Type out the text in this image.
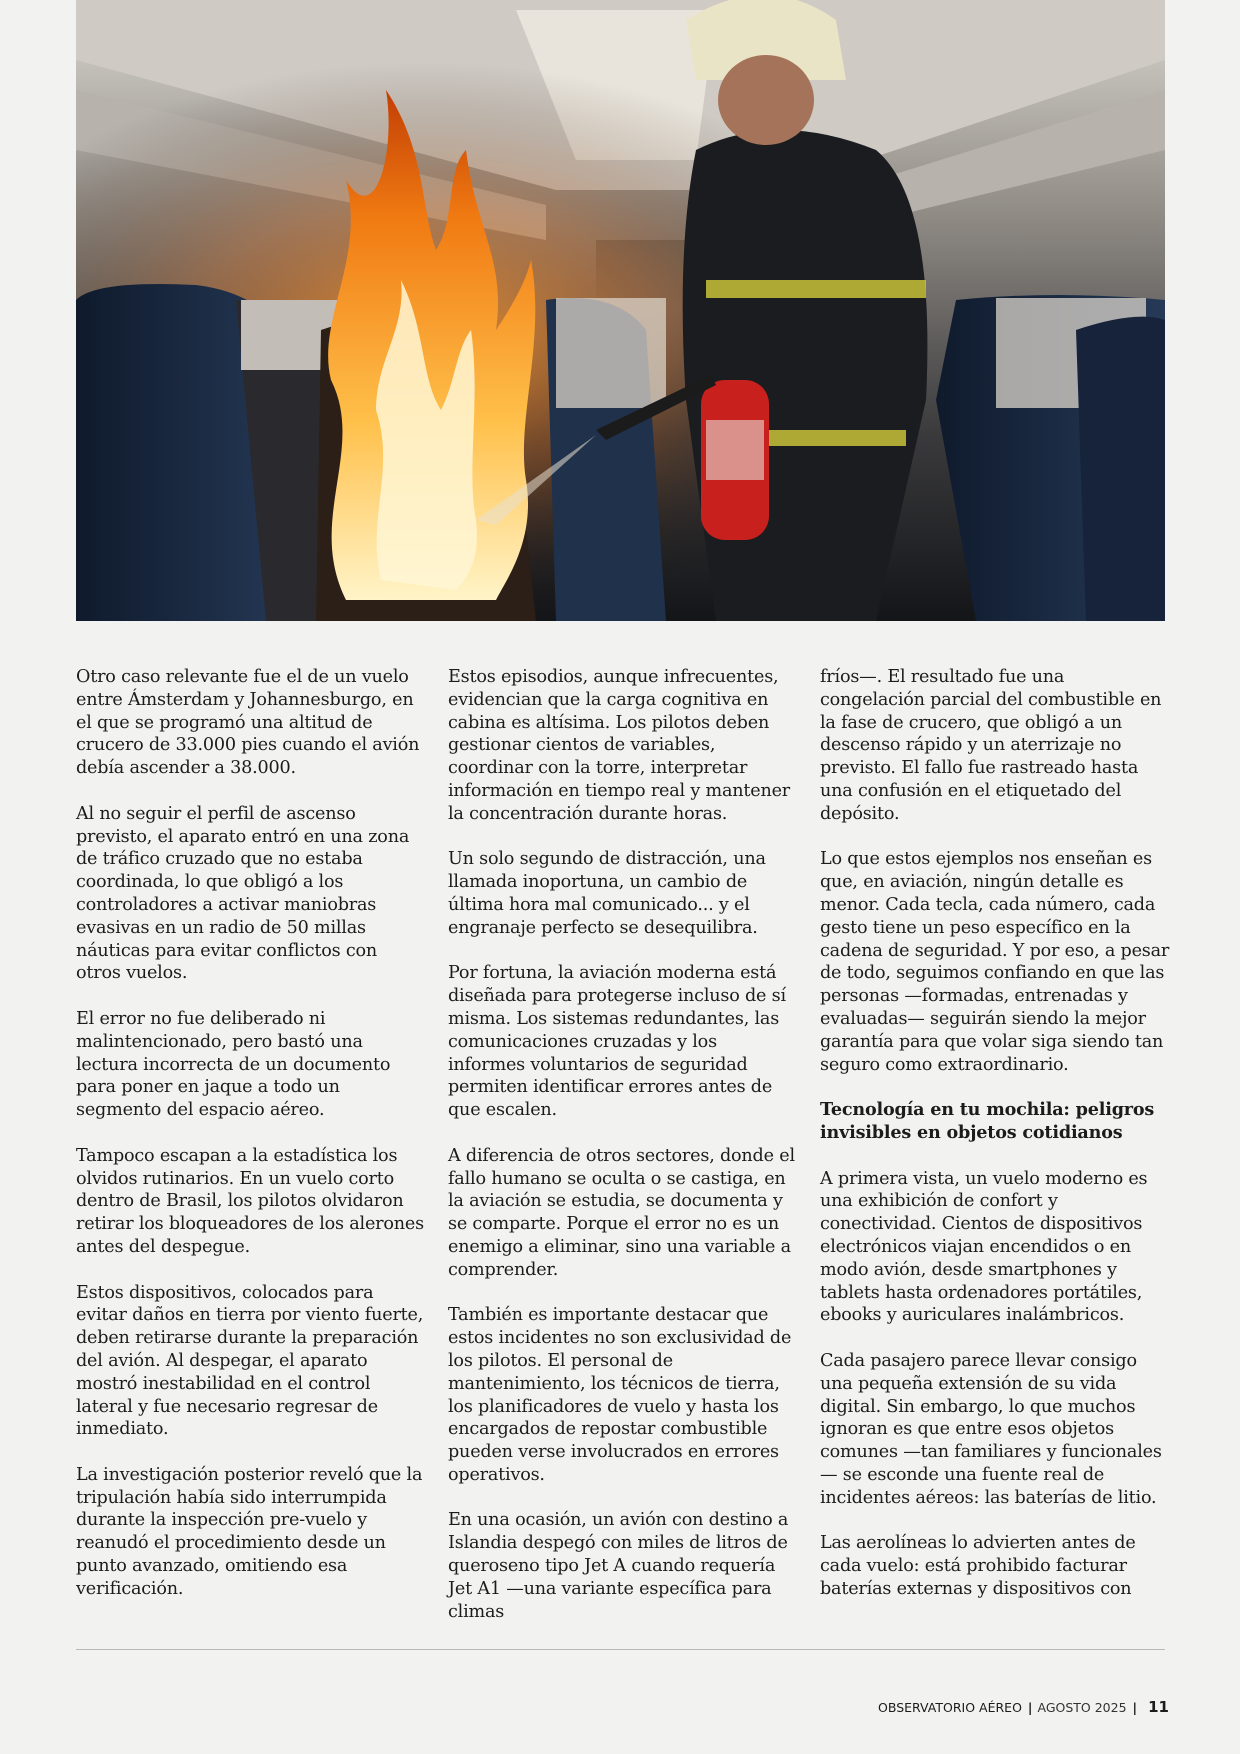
Otro caso relevante fue el de un vuelo entre Ámsterdam y Johannesburgo, en el que se programó una altitud de crucero de 33.000 pies cuando el avión debía ascender a 38.000.

Al no seguir el perfil de ascenso previsto, el aparato entró en una zona de tráfico cruzado que no estaba coordinada, lo que obligó a los controladores a activar maniobras evasivas en un radio de 50 millas náuticas para evitar conflictos con otros vuelos.

El error no fue deliberado ni malintencionado, pero bastó una lectura incorrecta de un documento para poner en jaque a todo un segmento del espacio aéreo.

Tampoco escapan a la estadística los olvidos rutinarios. En un vuelo corto dentro de Brasil, los pilotos olvidaron retirar los bloqueadores de los alerones antes del despegue.

Estos dispositivos, colocados para evitar daños en tierra por viento fuerte, deben retirarse durante la preparación del avión. Al despegar, el aparato mostró inestabilidad en el control lateral y fue necesario regresar de inmediato.

La investigación posterior reveló que la tripulación había sido interrumpida durante la inspección pre-vuelo y reanudó el procedimiento desde un punto avanzado, omitiendo esa verificación.

Estos episodios, aunque infrecuentes, evidencian que la carga cognitiva en cabina es altísima. Los pilotos deben gestionar cientos de variables, coordinar con la torre, interpretar información en tiempo real y mantener la concentración durante horas.

Un solo segundo de distracción, una llamada inoportuna, un cambio de última hora mal comunicado... y el engranaje perfecto se desequilibra.

Por fortuna, la aviación moderna está diseñada para protegerse incluso de sí misma. Los sistemas redundantes, las comunicaciones cruzadas y los informes voluntarios de seguridad permiten identificar errores antes de que escalen.

A diferencia de otros sectores, donde el fallo humano se oculta o se castiga, en la aviación se estudia, se documenta y se comparte. Porque el error no es un enemigo a eliminar, sino una variable a comprender.

También es importante destacar que estos incidentes no son exclusividad de los pilotos. El personal de mantenimiento, los técnicos de tierra, los planificadores de vuelo y hasta los encargados de repostar combustible pueden verse involucrados en errores operativos.

En una ocasión, un avión con destino a Islandia despegó con miles de litros de queroseno tipo Jet A cuando requería Jet A1 —una variante específica para climas

fríos—. El resultado fue una congelación parcial del combustible en la fase de crucero, que obligó a un descenso rápido y un aterrizaje no previsto. El fallo fue rastreado hasta una confusión en el etiquetado del depósito.

Lo que estos ejemplos nos enseñan es que, en aviación, ningún detalle es menor. Cada tecla, cada número, cada gesto tiene un peso específico en la cadena de seguridad. Y por eso, a pesar de todo, seguimos confiando en que las personas —formadas, entrenadas y evaluadas— seguirán siendo la mejor garantía para que volar siga siendo tan seguro como extraordinario.

Tecnología en tu mochila: peligros invisibles en objetos cotidianos

A primera vista, un vuelo moderno es una exhibición de confort y conectividad. Cientos de dispositivos electrónicos viajan encendidos o en modo avión, desde smartphones y tablets hasta ordenadores portátiles, ebooks y auriculares inalámbricos.

Cada pasajero parece llevar consigo una pequeña extensión de su vida digital. Sin embargo, lo que muchos ignoran es que entre esos objetos comunes —tan familiares y funcionales— se esconde una fuente real de incidentes aéreos: las baterías de litio.

Las aerolíneas lo advierten antes de cada vuelo: está prohibido facturar baterías externas y dispositivos con

OBSERVATORIO AÉREO | AGOSTO 2025 | 11
